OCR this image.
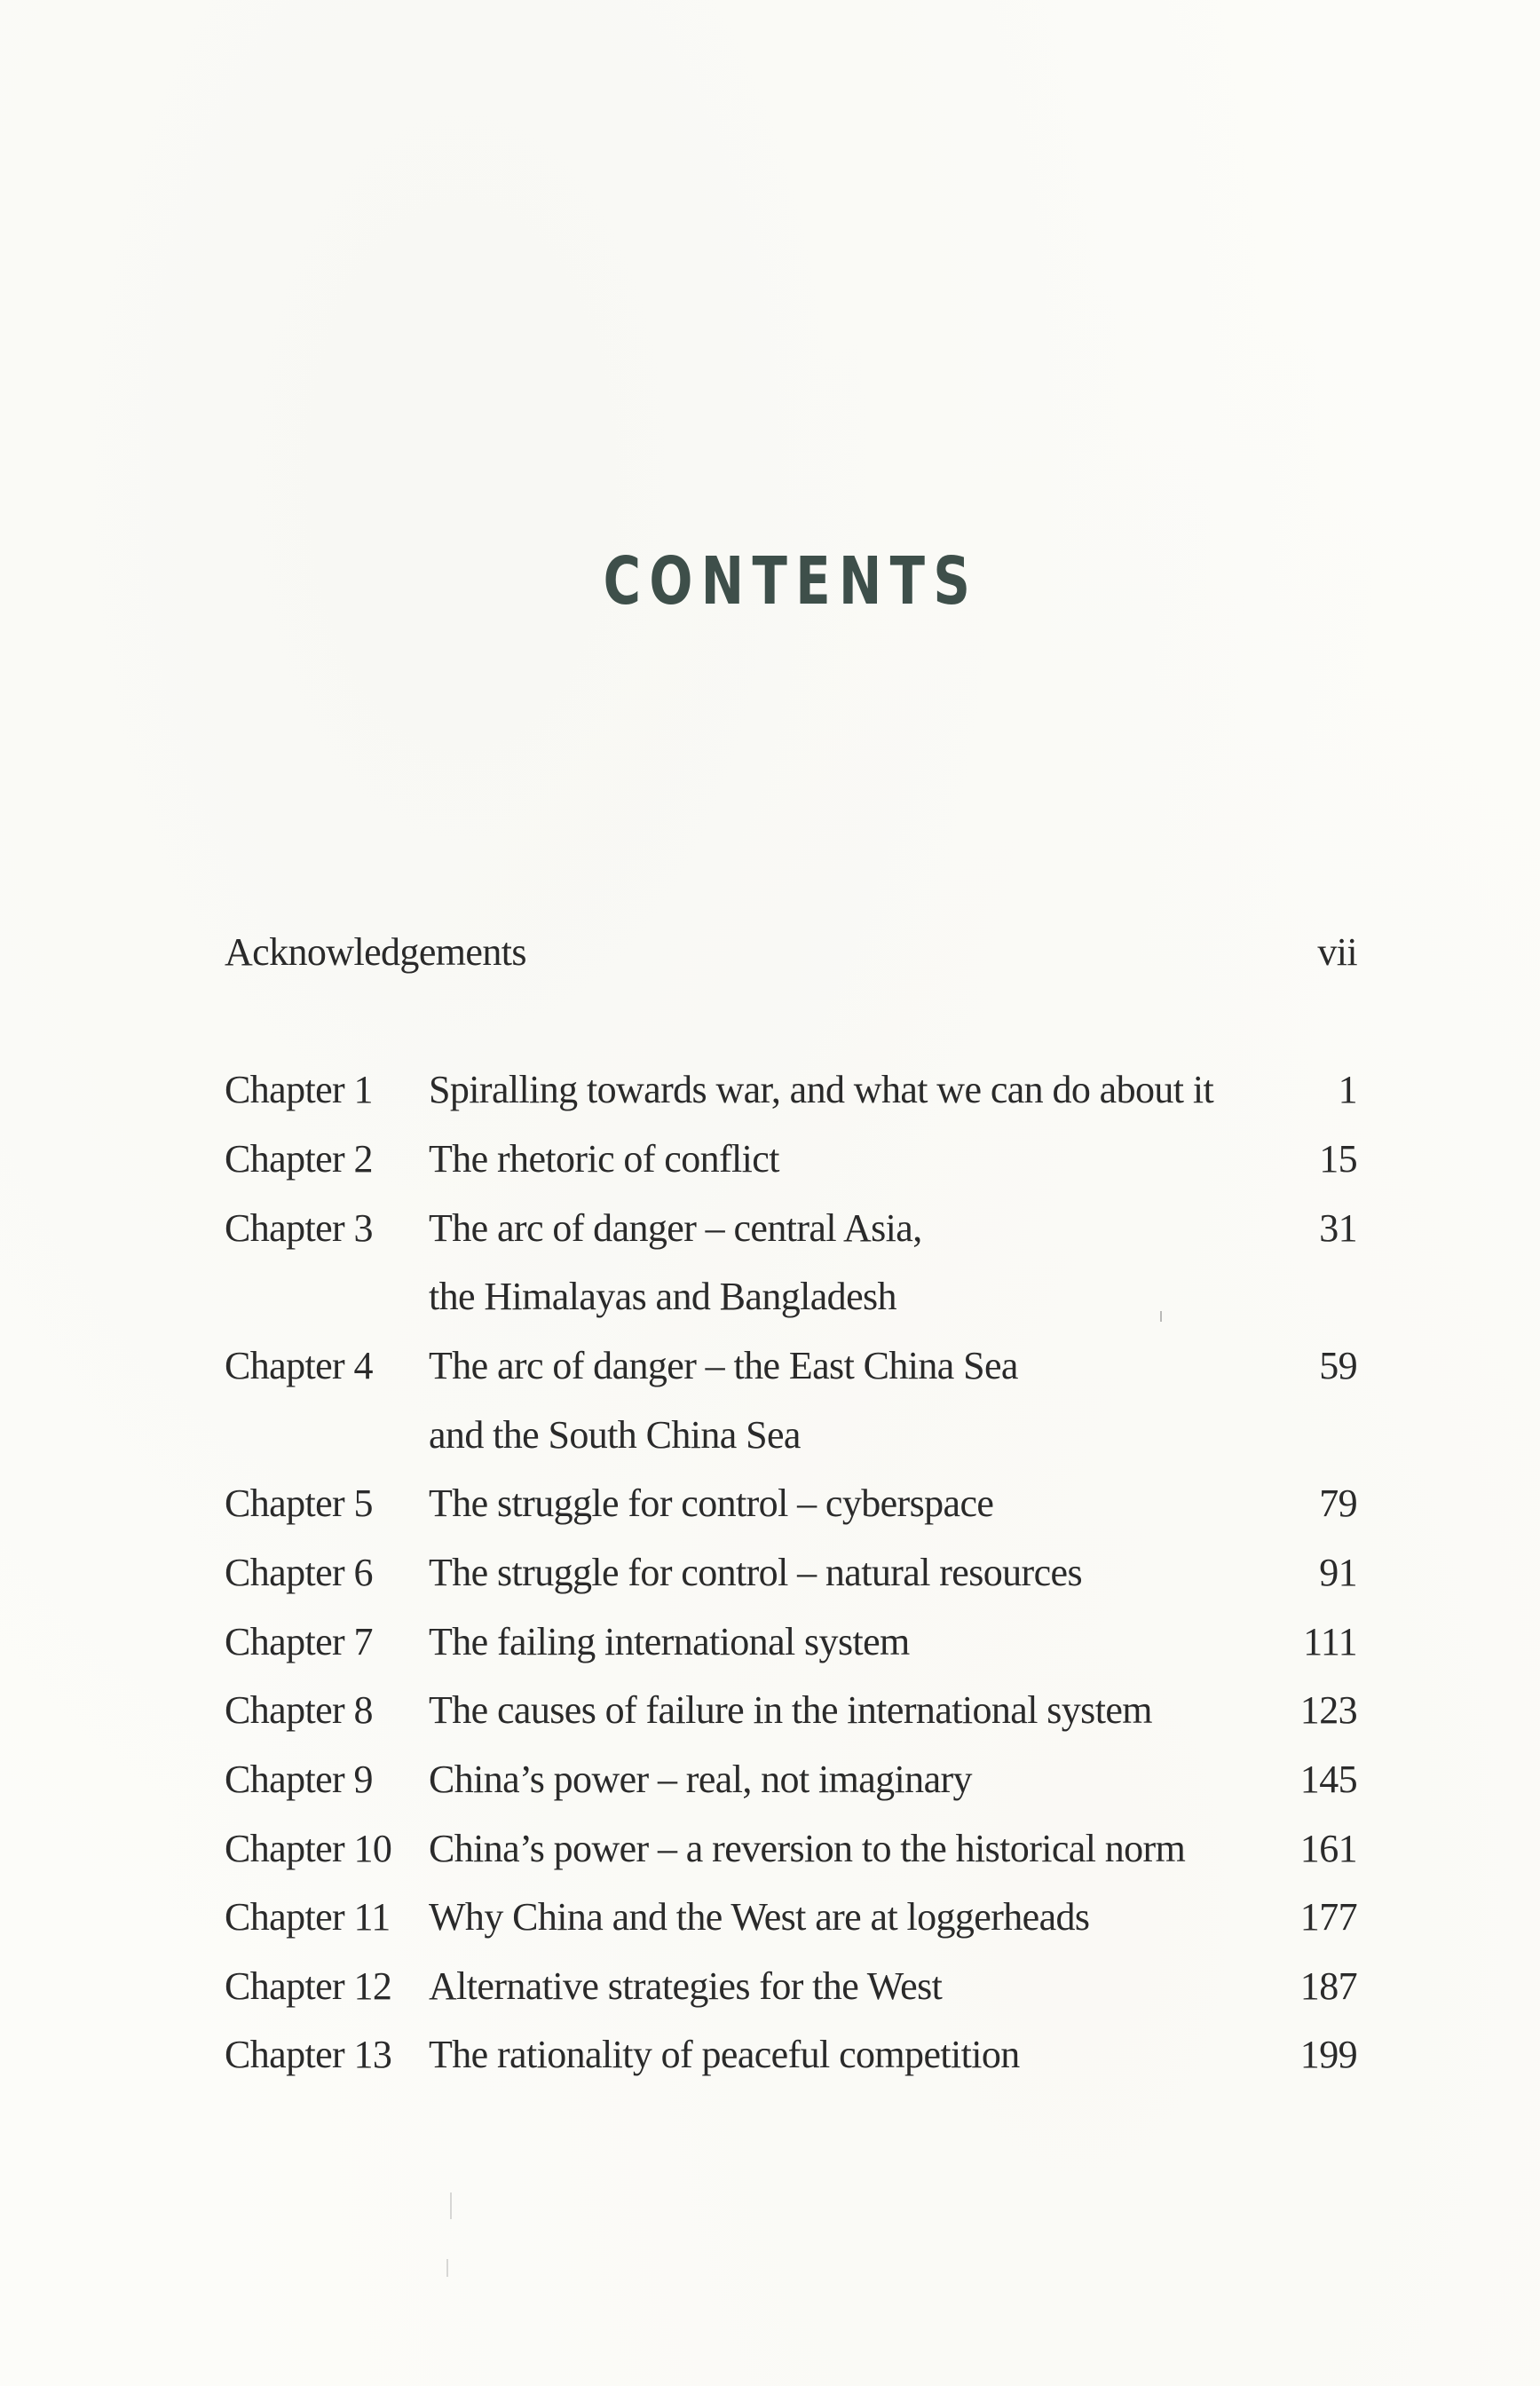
CONTENTS
Acknowledgements	vii
Chapter 1 Spiralling towards war, and what we can do about it	1
Chapter 2 The rhetoric of conflict	15
Chapter 3 The arc of danger – central Asia,	31
the Himalayas and Bangladesh
Chapter 4 The arc of danger – the East China Sea	59
and the South China Sea
Chapter 5 The struggle for control – cyberspace	79
Chapter 6 The struggle for control – natural resources	91
Chapter 7 The failing international system	111
Chapter 8 The causes of failure in the international system	123
Chapter 9 China’s power – real, not imaginary	145
Chapter 10 China’s power – a reversion to the historical norm	161
Chapter 11 Why China and the West are at loggerheads	177
Chapter 12 Alternative strategies for the West	187
Chapter 13 The rationality of peaceful competition	199
